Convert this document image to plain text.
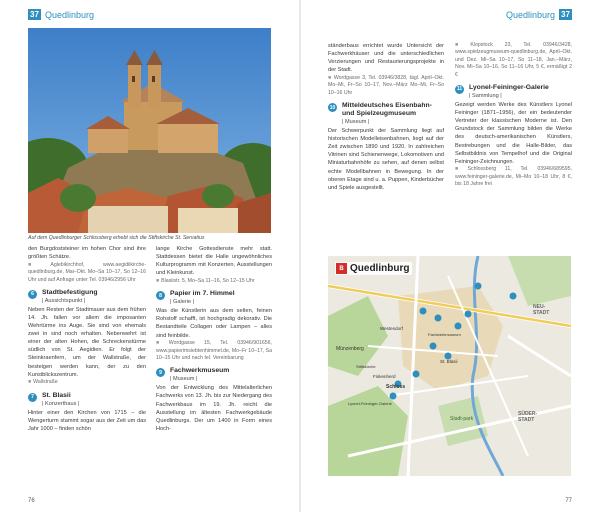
37 Quedlinburg
Auf dem Quedlinburger Schlossberg erhebt sich die Stiftskirche St. Servatius

den Burgdoststeiner im hohen Chor sind ihre größten Schätze.

■ Aglebikirchhof, www.aegidiikirche-quedlinburg.de, Mai–Okt. Mo–Sa 10–17, So 12–16 Uhr und auf Anfrage unter Tel. 03946/2956 Uhr

6	Stadtbefestigung
| Aussichtspunkt |

Neben Resten der Stadtmauer aus dem frühen 14. Jh. fallen vor allem die imposanten Wehrtürme ins Auge. Sie sind von ehemals zwei in sind noch erhalten. Nebenwehrt ist einer der alten Hohen, die Schreckenstürme südlich von St. Aegidien. Er folgt der Steinkraenfern, um der Wallstraße, der besteigen werden kann, der zu den Kunstblickszentrum.

■ Wallstraße

7	St. Blasii
| Konzerthaus |

Hinter einer den Kirchen von 1715 – die Wengerturm stammt sogar aus der Zeit um das Jahr 1000 – finden schön

lange Kirche Gottesdienste mehr statt. Stattdessen bietet die Halle ungewöhnliches Kulturprogramm mit Konzerten, Ausstellungen und Kleinkunst.

■ Blasiistr. 5, Mo–Sa 11–16, So 12–15 Uhr

8	Papier im 7. Himmel
| Galerie |

Was die Künstlerin aus dem selten, feinen Rohstoff schafft, ist hochgradig dekorativ. Die Bestandteile Collagen oder Lampen – alles sind feinbilde.

■ Wordgasse 15, Tel. 03946/901656, www.papierimsiebtenhimmel.de, Mo–Fr 10–17, Sa 10–15 Uhr und nach tel. Vereinbarung

9	Fachwerkmuseum
| Museum |

Von der Entwicklung des Mittelalterlichen Fachwerks von 13. Jh. bis zur Niedergang des Fachwerkbaus im 19. Jh. reicht die Ausstellung im ältesten Fachwerkgebäude Quedlinburgs. Der um 1400 in Form eines Hoch-

76
Quedlinburg 37

ständerbaus errichtet wurde Untersicht der Fachwerkhäuser und die unterschiedlichen Verzierungen und Restaurierungsprojekte in der Stadt.

■ Wordgasse 3, Tel. 03946/3828, tägl. April–Okt. Mo–Mi, Fr–So 10–17, Nov.–März Mo–Mi, Fr–So 10–16 Uhr

10 Mitteldeutsches Eisenbahn- und Spielzeugmuseum
| Museum |

Der Schwerpunkt der Sammlung liegt auf historischen Modelleisenbahnen, liegt auf der Zeit zwischen 1890 und 1920. In zahlreichen Vitrinen sind Schienenwege, Lokomotiven und Miniaturbahnhöfe zu sehen, auf denen selbst echte Modellbahnen in Bewegung. In der oberen Etage sind u. a. Puppen, Kinderbücher und Spiele ausgestellt.

■ Klopstock 23, Tel. 03946/3428, www.spielzeugmuseum-quedlinburg.de, April–Okt. und Dez. Mi–Sa 10–17, So 11–18, Jan.–März, Nov. Mi–Sa 10–16, So 11–16 Uhr, 5 €, ermäßigt 2 €

11 Lyonel-Feininger-Galerie
| Sammlung |

Gezeigt werden Werke des Künstlers Lyonel Feininger (1871–1956), der ein bedeutender Vertreter der klassischen Moderne ist. Den Grundstock der Sammlung bilden die Werke des deutsch-amerikanischen Künstlers, Bestrebungen und die Halle-Bilder, das Selbstbildnis von Tempelhof und die Original Feininger-Zeichnungen.

■ Schlossberg 11, Tel. 03946/689595, www.feininger-galerie.de, Mi–Mo 10–18 Uhr, 8 €, bis 18 Jahre frei

B Quedlinburg
NEU-
STADT
Schloss
Finkenherd
Stadt-park
Münzenberg
St. Blasii
SÜDER-
STADT
Westendorf
Lyonel-Feininger-Galerie
Fachwerkmuseum
Stiftskirche
77
